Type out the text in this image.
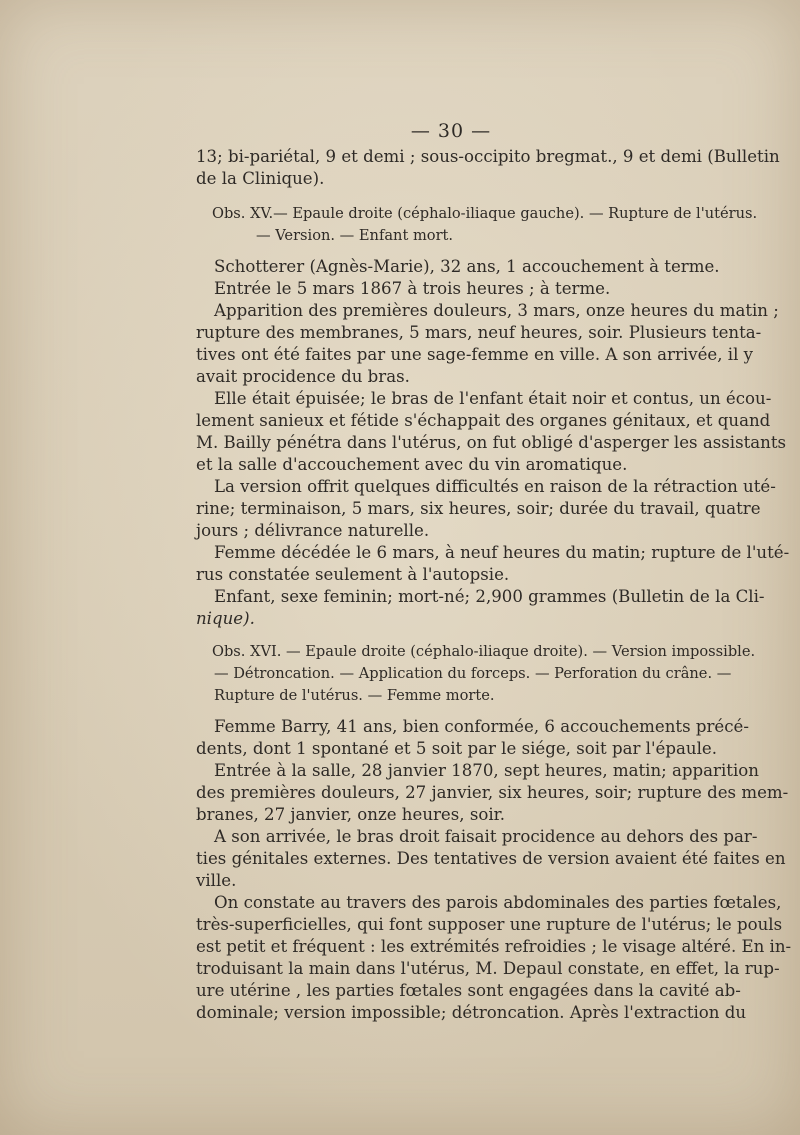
— 30 —
13; bi-pariétal, 9 et demi ; sous-occipito bregmat., 9 et demi (Bulletin
de la Clinique).
Obs. XV.— Epaule droite (céphalo-iliaque gauche). — Rupture de l'utérus.
— Version. — Enfant mort.
Schotterer (Agnès-Marie), 32 ans, 1 accouchement à terme.
Entrée le 5 mars 1867 à trois heures ; à terme.
Apparition des premières douleurs, 3 mars, onze heures du matin ;
rupture des membranes, 5 mars, neuf heures, soir. Plusieurs tenta-
tives ont été faites par une sage-femme en ville. A son arrivée, il y
avait procidence du bras.
Elle était épuisée; le bras de l'enfant était noir et contus, un écou-
lement sanieux et fétide s'échappait des organes génitaux, et quand
M. Bailly pénétra dans l'utérus, on fut obligé d'asperger les assistants
et la salle d'accouchement avec du vin aromatique.
La version offrit quelques difficultés en raison de la rétraction uté-
rine; terminaison, 5 mars, six heures, soir; durée du travail, quatre
jours ; délivrance naturelle.
Femme décédée le 6 mars, à neuf heures du matin; rupture de l'uté-
rus constatée seulement à l'autopsie.
Enfant, sexe feminin; mort-né; 2,900 grammes (Bulletin de la Cli-
nique).
Obs. XVI. — Epaule droite (céphalo-iliaque droite). — Version impossible.
— Détroncation. — Application du forceps. — Perforation du crâne. —
Rupture de l'utérus. — Femme morte.
Femme Barry, 41 ans, bien conformée, 6 accouchements précé-
dents, dont 1 spontané et 5 soit par le siége, soit par l'épaule.
Entrée à la salle, 28 janvier 1870, sept heures, matin; apparition
des premières douleurs, 27 janvier, six heures, soir; rupture des mem-
branes, 27 janvier, onze heures, soir.
A son arrivée, le bras droit faisait procidence au dehors des par-
ties génitales externes. Des tentatives de version avaient été faites en
ville.
On constate au travers des parois abdominales des parties fœtales,
très-superficielles, qui font supposer une rupture de l'utérus; le pouls
est petit et fréquent : les extrémités refroidies ; le visage altéré. En in-
troduisant la main dans l'utérus, M. Depaul constate, en effet, la rup-
ure utérine , les parties fœtales sont engagées dans la cavité ab-
dominale; version impossible; détroncation. Après l'extraction du
